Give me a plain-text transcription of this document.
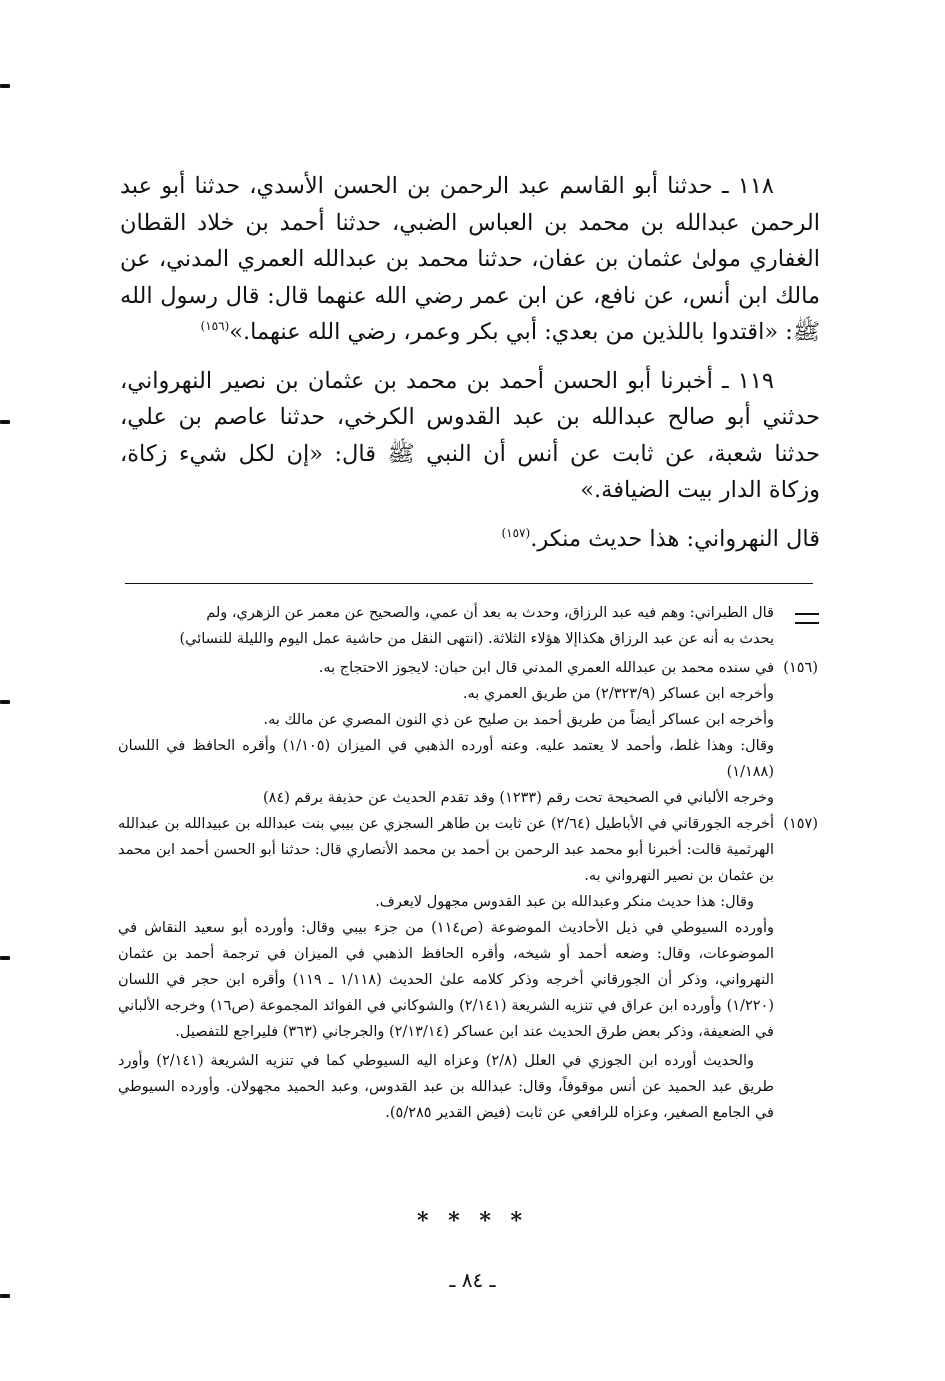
١١٨ ـ حدثنا أبو القاسم عبد الرحمن بن الحسن الأسدي، حدثنا أبو عبد الرحمن عبدالله بن محمد بن العباس الضبي، حدثنا أحمد بن خلاد القطان الغفاري مولىٰ عثمان بن عفان، حدثنا محمد بن عبدالله العمري المدني، عن مالك ابن أنس، عن نافع، عن ابن عمر رضي الله عنهما قال: قال رسول الله ﷺ: «اقتدوا باللذين من بعدي: أبي بكر وعمر، رضي الله عنهما.»$^{(١٥٦)}$

١١٩ ـ أخبرنا أبو الحسن أحمد بن محمد بن عثمان بن نصير النهرواني، حدثني أبو صالح عبدالله بن عبد القدوس الكرخي، حدثنا عاصم بن علي، حدثنا شعبة، عن ثابت عن أنس أن النبي ﷺ قال: «إن لكل شيء زكاة، وزكاة الدار بيت الضيافة.»

قال النهرواني: هذا حديث منكر.$^{(١٥٧)}$

قال الطبراني: وهم فيه عبد الرزاق، وحدث به بعد أن عمي، والصحيح عن معمر عن الزهري، ولم
يحدث به أنه عن عبد الرزاق هكذاإلا هؤلاء الثلاثة. (انتهى النقل من حاشية عمل اليوم والليلة للنسائي)
(١٥٦)
في سنده محمد بن عبدالله العمري المدني قال ابن حبان: لايجوز الاحتجاج به.
وأخرجه ابن عساكر (٢/٣٢٣/٩) من طريق العمري به.
وأخرجه ابن عساكر أيضاً من طريق أحمد بن صليح عن ذي النون المصري عن مالك به.
وقال: وهذا غلط، وأحمد لا يعتمد عليه. وعنه أورده الذهبي في الميزان (١/١٠٥) وأقره الحافظ في اللسان (١/١٨٨)
وخرجه الألباني في الصحيحة تحت رقم (١٢٣٣) وقد تقدم الحديث عن حذيفة برقم (٨٤)
(١٥٧)
أخرجه الجورقاني في الأباطيل (٢/٦٤) عن ثابت بن طاهر السجزي عن بيبي بنت عبدالله بن عبيدالله بن عبدالله الهرثمية قالت: أخبرنا أبو محمد عبد الرحمن بن أحمد بن محمد الأنصاري قال: حدثنا أبو الحسن أحمد ابن محمد بن عثمان بن نصير النهرواني به.
وقال: هذا حديث منكر وعبدالله بن عبد القدوس مجهول لايعرف.
وأورده السيوطي في ذيل الأحاديث الموضوعة (ص١١٤) من جزء بيبي وقال: وأورده أبو سعيد النقاش في الموضوعات، وقال: وضعه أحمد أو شيخه، وأقره الحافظ الذهبي في الميزان في ترجمة أحمد بن عثمان النهرواني، وذكر أن الجورقاني أخرجه وذكر كلامه علىٰ الحديث (١/١١٨ ـ ١١٩) وأقره ابن حجر في اللسان (١/٢٢٠) وأورده ابن عراق في تنزيه الشريعة (٢/١٤١) والشوكاني في الفوائد المجموعة (ص١٦) وخرجه الألباني في الضعيفة، وذكر بعض طرق الحديث عند ابن عساكر (٢/١٣/١٤) والجرجاني (٣٦٣) فليراجع للتفصيل.
والحديث أورده ابن الجوزي في العلل (٢/٨) وعزاه اليه السيوطي كما في تنزيه الشريعة (٢/١٤١) وأورد طريق عبد الحميد عن أنس موقوفاً، وقال: عبدالله بن عبد القدوس، وعبد الحميد مجهولان. وأورده السيوطي في الجامع الصغير، وعزاه للرافعي عن ثابت (فيض القدير ٥/٢٨٥).
* * * *
ـ ٨٤ ـ
